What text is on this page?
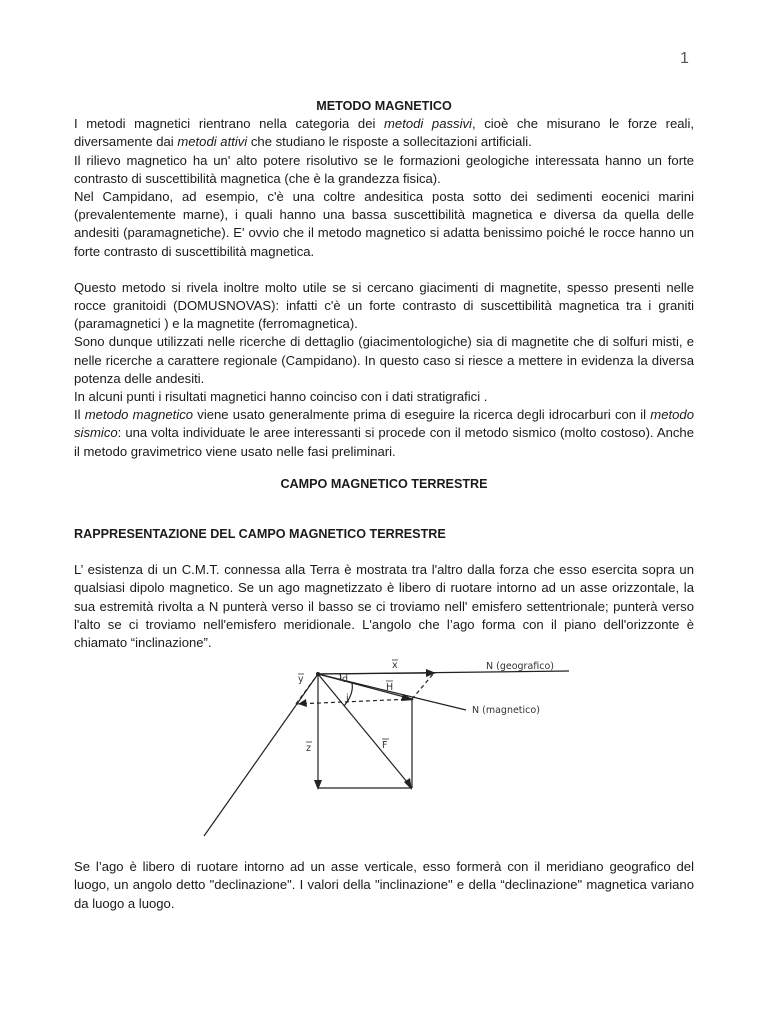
1
METODO MAGNETICO

I metodi magnetici rientrano nella categoria dei metodi passivi, cioè che misurano le forze reali, diversamente dai metodi attivi che studiano le risposte a sollecitazioni artificiali.

Il rilievo magnetico ha un' alto potere risolutivo se le formazioni geologiche interessata hanno un forte contrasto di suscettibilità magnetica (che è la grandezza fisica).

Nel Campidano, ad esempio, c'è una coltre andesitica posta sotto dei sedimenti eocenici marini (prevalentemente marne), i quali hanno una bassa suscettibilità magnetica e diversa da quella delle andesiti (paramagnetiche). E' ovvio che il metodo magnetico si adatta benissimo poiché le rocce hanno un forte contrasto di suscettibilità magnetica.

Questo metodo si rivela inoltre molto utile se si cercano giacimenti di magnetite, spesso presenti nelle rocce granitoidi (DOMUSNOVAS): infatti c'è un forte contrasto di suscettibilità magnetica tra i graniti (paramagnetici ) e la magnetite (ferromagnetica).

Sono dunque utilizzati nelle ricerche di dettaglio (giacimentologiche) sia di magnetite che di solfuri misti, e nelle ricerche a carattere regionale (Campidano). In questo caso si riesce a mettere in evidenza la diversa potenza delle andesiti.

In alcuni punti i risultati magnetici hanno coinciso con i dati stratigrafici .

Il metodo magnetico viene usato generalmente prima di eseguire la ricerca degli idrocarburi con il metodo sismico: una volta individuate le aree interessanti si procede con il metodo sismico (molto costoso). Anche il metodo gravimetrico viene usato nelle fasi preliminari.

CAMPO MAGNETICO TERRESTRE
RAPPRESENTAZIONE DEL CAMPO MAGNETICO TERRESTRE

L’ esistenza di un C.M.T. connessa alla Terra è mostrata tra l'altro dalla forza che esso esercita sopra un qualsiasi dipolo magnetico. Se un ago magnetizzato è libero di ruotare intorno ad un asse orizzontale, la sua estremità rivolta a N punterà verso il basso se ci troviamo nell' emisfero settentrionale; punterà verso l'alto se ci troviamo nell'emisfero meridionale. L'angolo che l’ago forma con il piano dell'orizzonte è chiamato “inclinazione”.

N (geografico)
N (magnetico)
x
y
z
H
F
i
d

Se l’ago è libero di ruotare intorno ad un asse verticale, esso formerà con il meridiano geografico del luogo, un angolo detto "declinazione". I valori della "inclinazione" e della “declinazione" magnetica variano da luogo a luogo.
